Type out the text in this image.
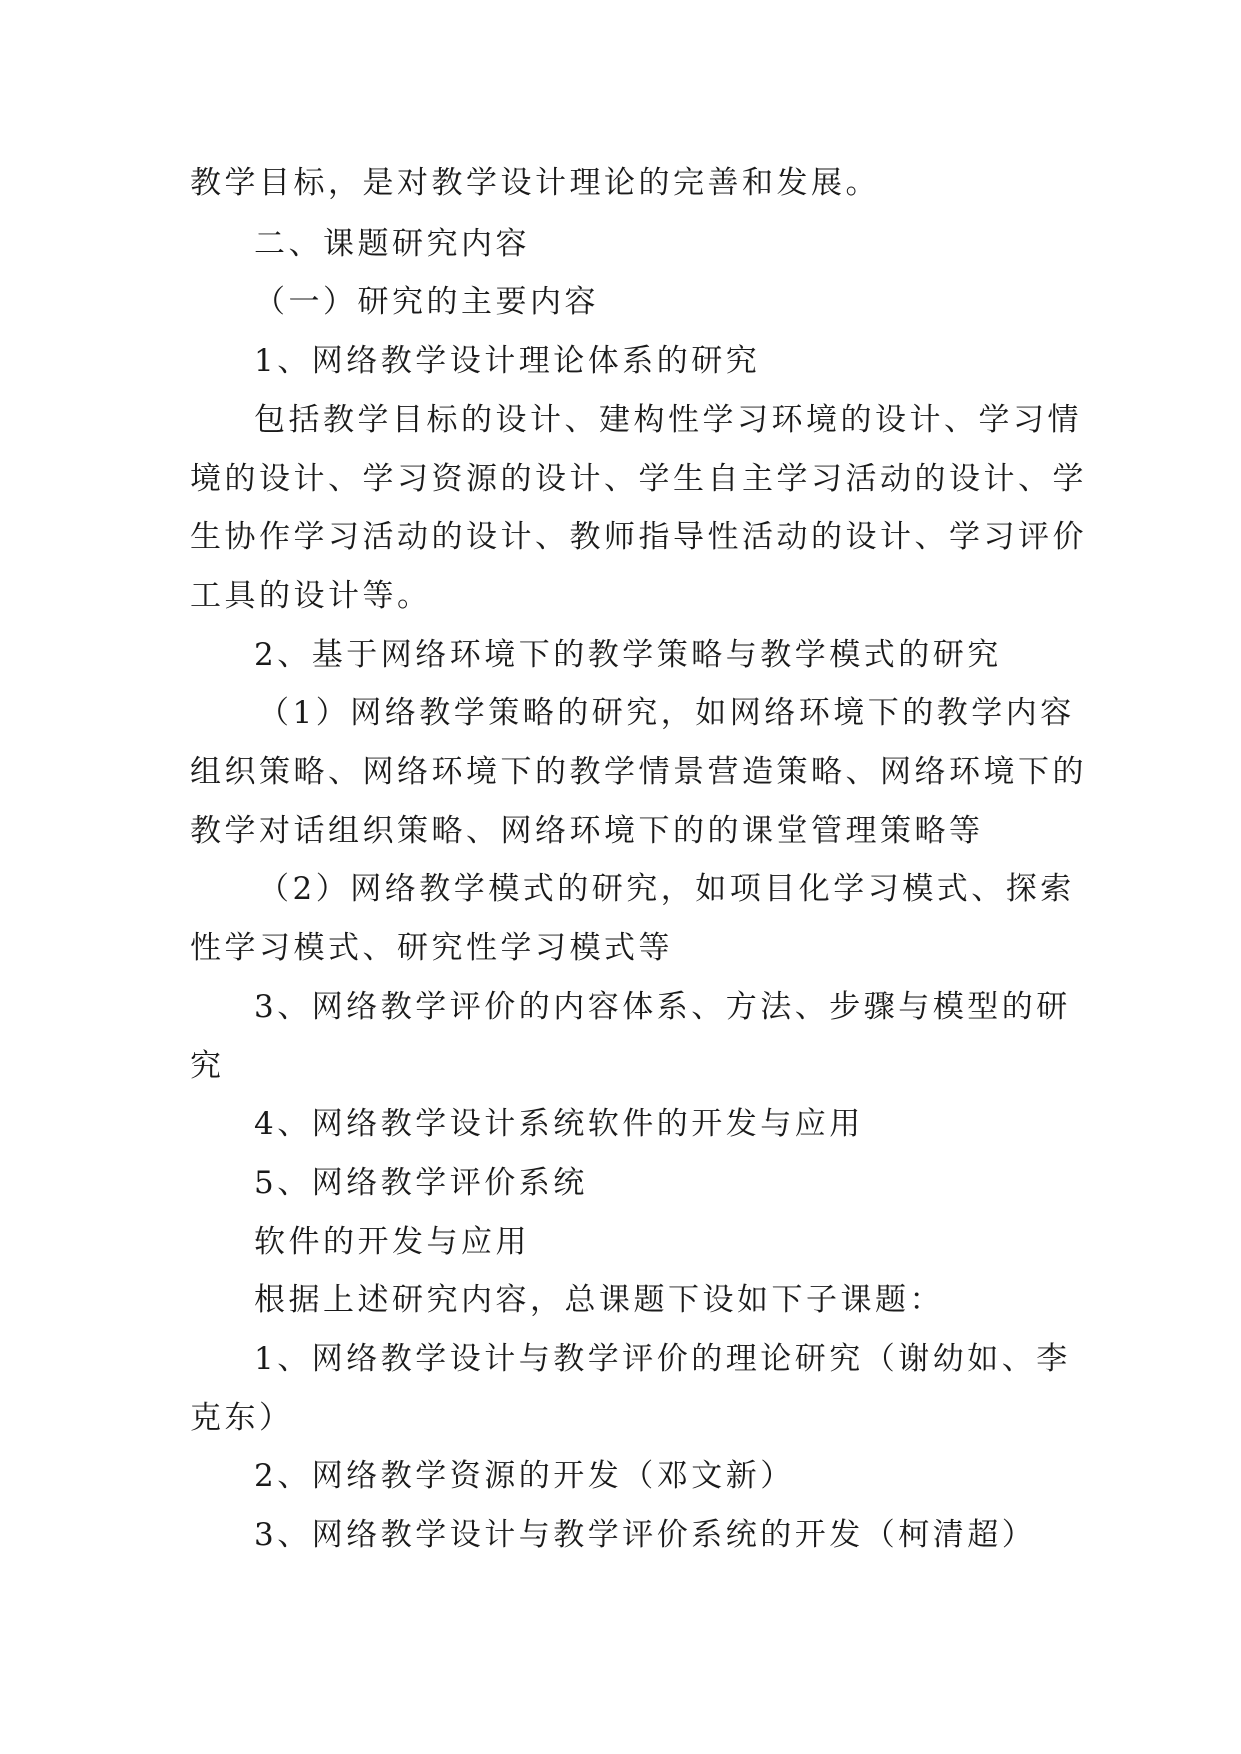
教学目标，是对教学设计理论的完善和发展。
二、课题研究内容
（一）研究的主要内容
1、网络教学设计理论体系的研究
包括教学目标的设计、建构性学习环境的设计、学习情
境的设计、学习资源的设计、学生自主学习活动的设计、学
生协作学习活动的设计、教师指导性活动的设计、学习评价
工具的设计等。
2、基于网络环境下的教学策略与教学模式的研究
（1）网络教学策略的研究，如网络环境下的教学内容
组织策略、网络环境下的教学情景营造策略、网络环境下的
教学对话组织策略、网络环境下的的课堂管理策略等
（2）网络教学模式的研究，如项目化学习模式、探索
性学习模式、研究性学习模式等
3、网络教学评价的内容体系、方法、步骤与模型的研
究
4、网络教学设计系统软件的开发与应用
5、网络教学评价系统
软件的开发与应用
根据上述研究内容，总课题下设如下子课题：
1、网络教学设计与教学评价的理论研究（谢幼如、李
克东）
2、网络教学资源的开发（邓文新）
3、网络教学设计与教学评价系统的开发（柯清超）
